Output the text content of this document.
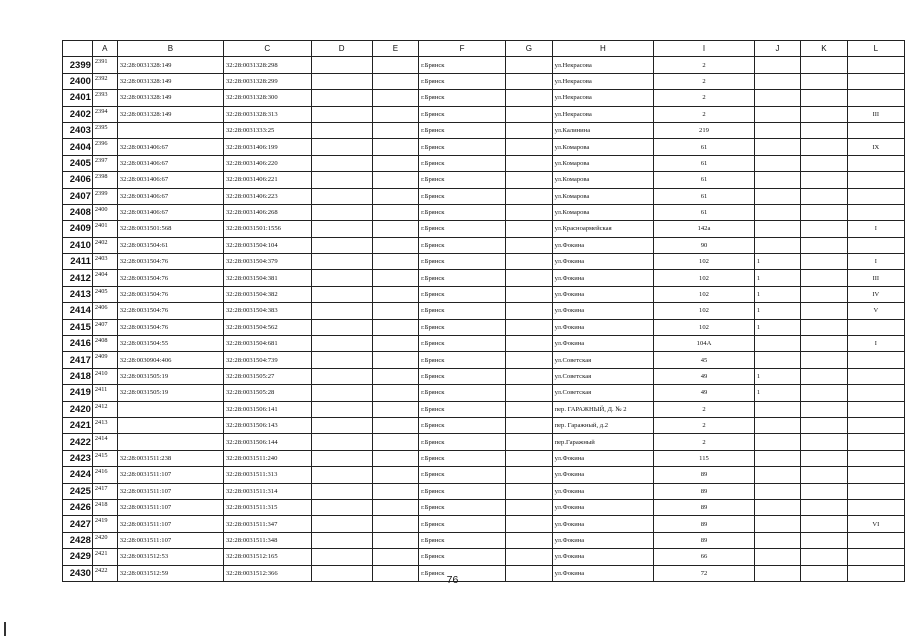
	A	B	C	D	E	F	G	H	I	J	K	L
2399	2391	32:28:0031328:149	32:28:0031328:298			г.Брянск		ул.Некрасова	2			
2400	2392	32:28:0031328:149	32:28:0031328:299			г.Брянск		ул.Некрасова	2			
2401	2393	32:28:0031328:149	32:28:0031328:300			г.Брянск		ул.Некрасова	2			
2402	2394	32:28:0031328:149	32:28:0031328:313			г.Брянск		ул.Некрасова	2			III
2403	2395		32:28:0031333:25			г.Брянск		ул.Калинина	219			
2404	2396	32:28:0031406:67	32:28:0031406:199			г.Брянск		ул.Комарова	61			IX
2405	2397	32:28:0031406:67	32:28:0031406:220			г.Брянск		ул.Комарова	61			
2406	2398	32:28:0031406:67	32:28:0031406:221			г.Брянск		ул.Комарова	61			
2407	2399	32:28:0031406:67	32:28:0031406:223			г.Брянск		ул.Комарова	61			
2408	2400	32:28:0031406:67	32:28:0031406:268			г.Брянск		ул.Комарова	61			
2409	2401	32:28:0031501:568	32:28:0031501:1556			г.Брянск		ул.Красноармейская	142а			I
2410	2402	32:28:0031504:61	32:28:0031504:104			г.Брянск		ул.Фокина	90			
2411	2403	32:28:0031504:76	32:28:0031504:379			г.Брянск		ул.Фокина	102	1		I
2412	2404	32:28:0031504:76	32:28:0031504:381			г.Брянск		ул.Фокина	102	1		III
2413	2405	32:28:0031504:76	32:28:0031504:382			г.Брянск		ул.Фокина	102	1		IV
2414	2406	32:28:0031504:76	32:28:0031504:383			г.Брянск		ул.Фокина	102	1		V
2415	2407	32:28:0031504:76	32:28:0031504:562			г.Брянск		ул.Фокина	102	1		
2416	2408	32:28:0031504:55	32:28:0031504:681			г.Брянск		ул.Фокина	104А			I
2417	2409	32:28:0030904:406	32:28:0031504:739			г.Брянск		ул.Советская	45			
2418	2410	32:28:0031505:19	32:28:0031505:27			г.Брянск		ул.Советская	49	1		
2419	2411	32:28:0031505:19	32:28:0031505:28			г.Брянск		ул.Советская	49	1		
2420	2412		32:28:0031506:141			г.Брянск		пер. ГАРАЖНЫЙ, Д. № 2	2			
2421	2413		32:28:0031506:143			г.Брянск		пер. Гаражный, д.2	2			
2422	2414		32:28:0031506:144			г.Брянск		пер.Гаражный	2			
2423	2415	32:28:0031511:238	32:28:0031511:240			г.Брянск		ул.Фокина	115			
2424	2416	32:28:0031511:107	32:28:0031511:313			г.Брянск		ул.Фокина	89			
2425	2417	32:28:0031511:107	32:28:0031511:314			г.Брянск		ул.Фокина	89			
2426	2418	32:28:0031511:107	32:28:0031511:315			г.Брянск		ул.Фокина	89			
2427	2419	32:28:0031511:107	32:28:0031511:347			г.Брянск		ул.Фокина	89			VI
2428	2420	32:28:0031511:107	32:28:0031511:348			г.Брянск		ул.Фокина	89			
2429	2421	32:28:0031512:53	32:28:0031512:165			г.Брянск		ул.Фокина	66			
2430	2422	32:28:0031512:59	32:28:0031512:366			г.Брянск		ул.Фокина	72			
76
